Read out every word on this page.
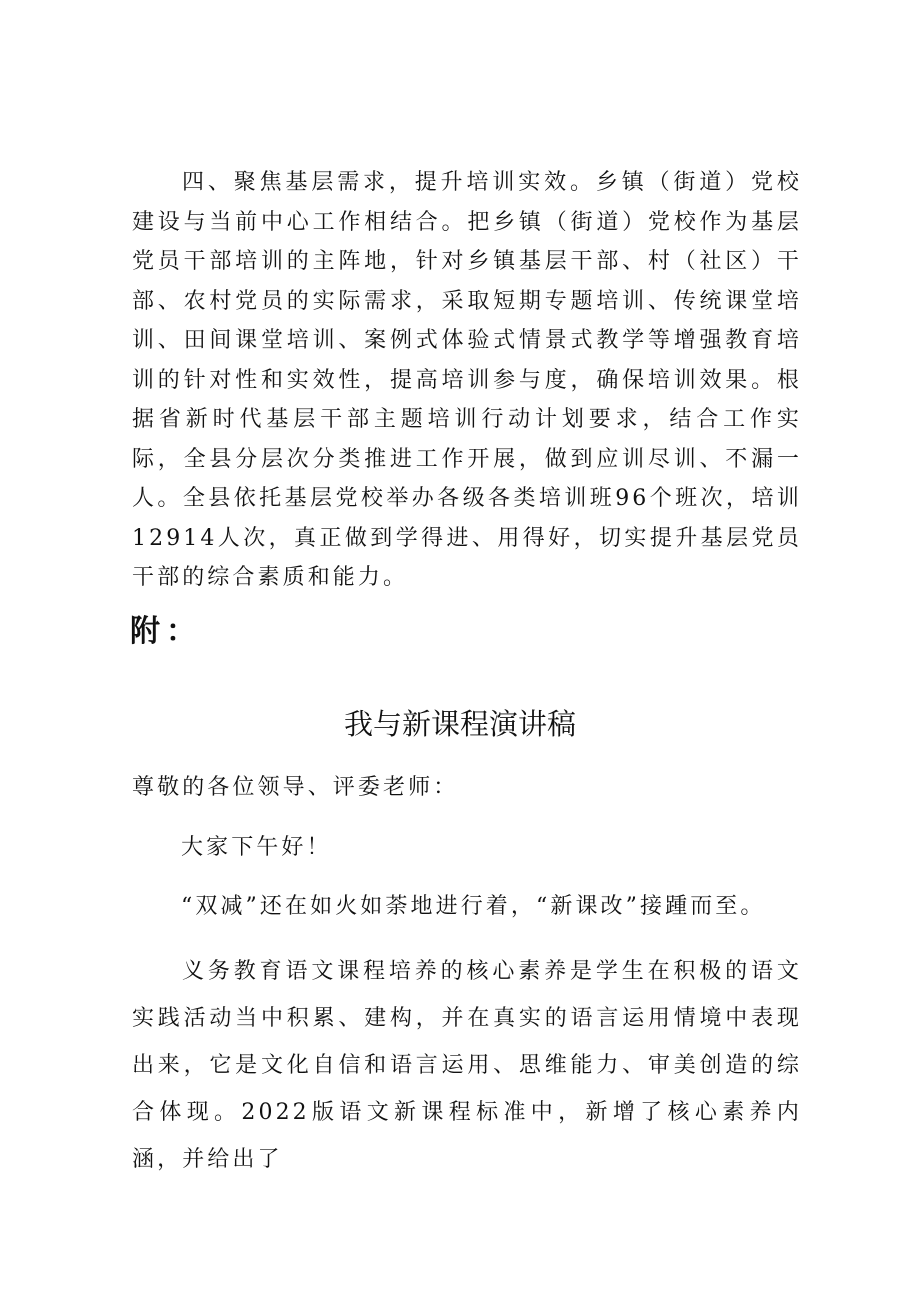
四、聚焦基层需求，提升培训实效。乡镇（街道）党校建设与当前中心工作相结合。把乡镇（街道）党校作为基层党员干部培训的主阵地，针对乡镇基层干部、村（社区）干部、农村党员的实际需求，采取短期专题培训、传统课堂培训、田间课堂培训、案例式体验式情景式教学等增强教育培训的针对性和实效性，提高培训参与度，确保培训效果。根据省新时代基层干部主题培训行动计划要求，结合工作实际，全县分层次分类推进工作开展，做到应训尽训、不漏一人。全县依托基层党校举办各级各类培训班96个班次，培训12914人次，真正做到学得进、用得好，切实提升基层党员干部的综合素质和能力。

附：
我与新课程演讲稿

尊敬的各位领导、评委老师：

大家下午好！

“双减”还在如火如荼地进行着，“新课改”接踵而至。

义务教育语文课程培养的核心素养是学生在积极的语文实践活动当中积累、建构，并在真实的语言运用情境中表现出来，它是文化自信和语言运用、思维能力、审美创造的综合体现。2022版语文新课程标准中，新增了核心素养内涵，并给出了
